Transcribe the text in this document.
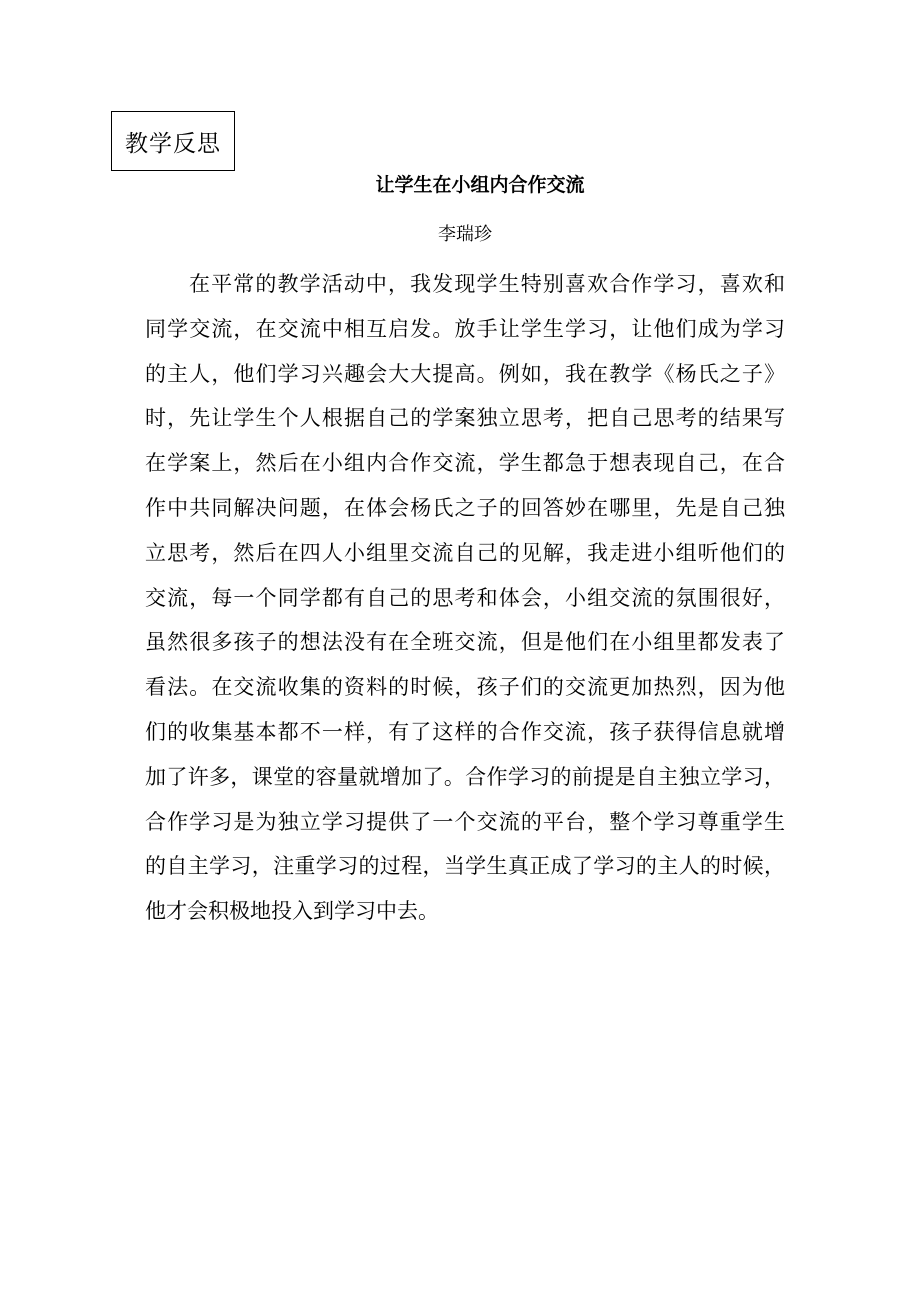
教学反思
让学生在小组内合作交流
李瑞珍
在平常的教学活动中，我发现学生特别喜欢合作学习，喜欢和
同学交流，在交流中相互启发。放手让学生学习，让他们成为学习
的主人，他们学习兴趣会大大提高。例如，我在教学《杨氏之子》
时，先让学生个人根据自己的学案独立思考，把自己思考的结果写
在学案上，然后在小组内合作交流，学生都急于想表现自己，在合
作中共同解决问题，在体会杨氏之子的回答妙在哪里，先是自己独
立思考，然后在四人小组里交流自己的见解，我走进小组听他们的
交流，每一个同学都有自己的思考和体会，小组交流的氛围很好，
虽然很多孩子的想法没有在全班交流，但是他们在小组里都发表了
看法。在交流收集的资料的时候，孩子们的交流更加热烈，因为他
们的收集基本都不一样，有了这样的合作交流，孩子获得信息就增
加了许多，课堂的容量就增加了。合作学习的前提是自主独立学习，
合作学习是为独立学习提供了一个交流的平台，整个学习尊重学生
的自主学习，注重学习的过程，当学生真正成了学习的主人的时候，
他才会积极地投入到学习中去。
